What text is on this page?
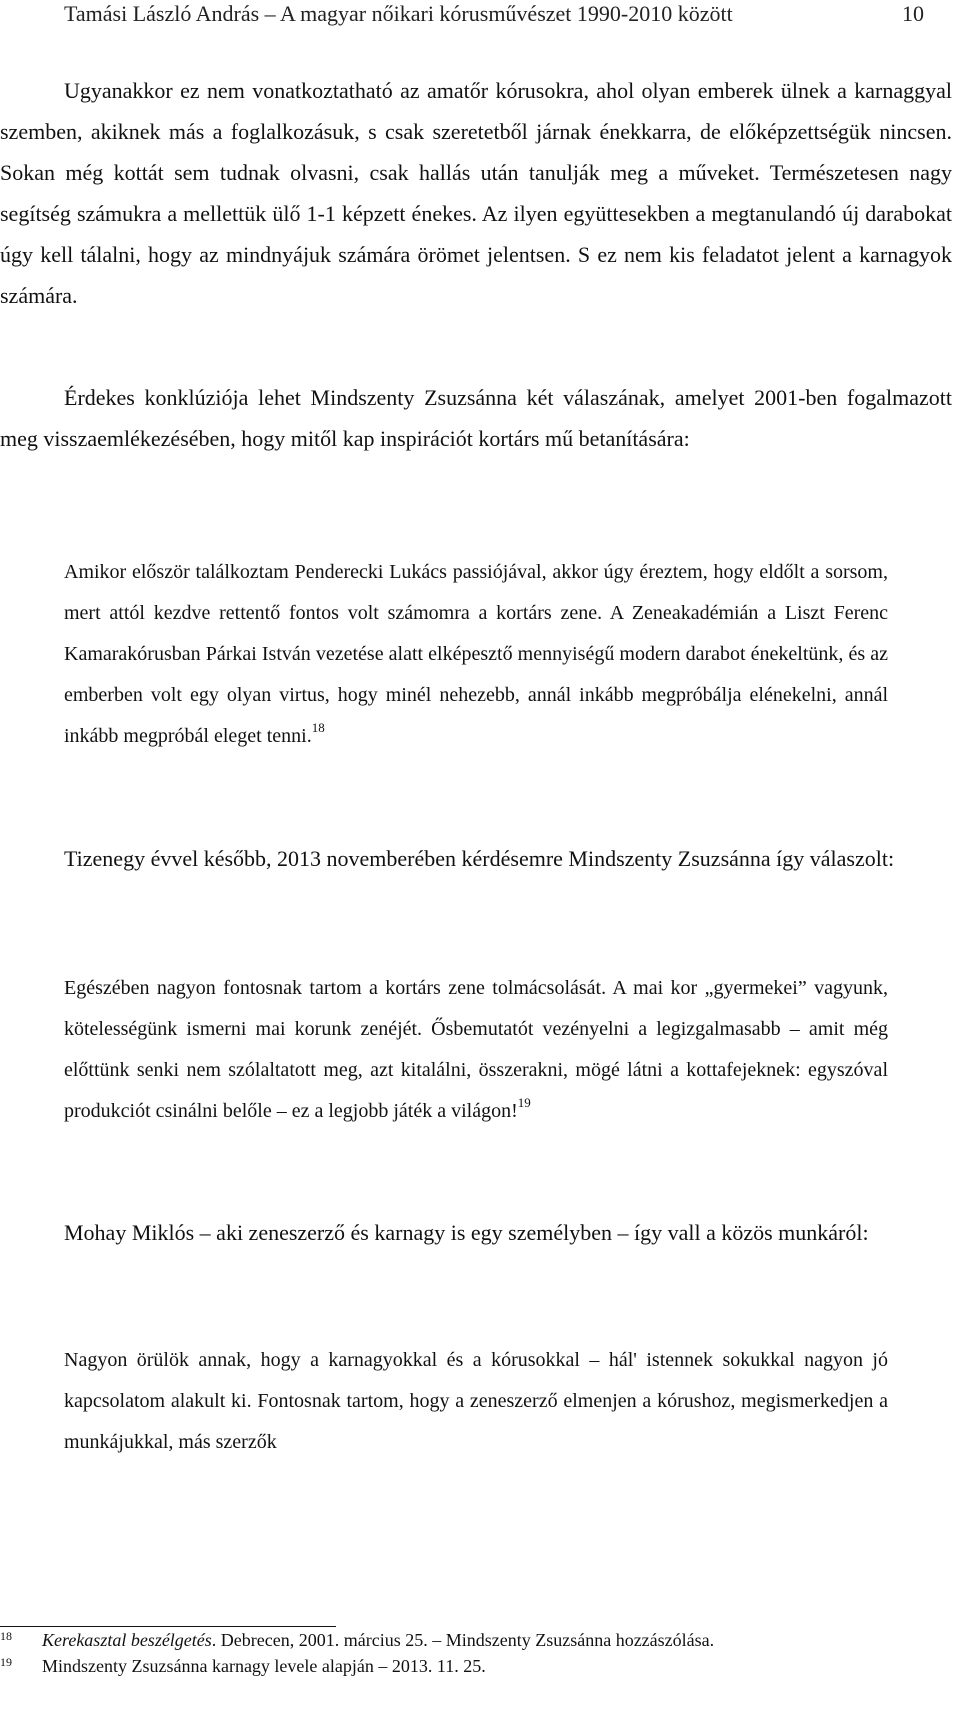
Tamási László András – A magyar nőikari kórusművészet 1990-2010 között	10

Ugyanakkor ez nem vonatkoztatható az amatőr kórusokra, ahol olyan emberek ülnek a karnaggyal szemben, akiknek más a foglalkozásuk, s csak szeretetből járnak énekkarra, de előképzettségük nincsen. Sokan még kottát sem tudnak olvasni, csak hallás után tanulják meg a műveket. Természetesen nagy segítség számukra a mellettük ülő 1-1 képzett énekes. Az ilyen együttesekben a megtanulandó új darabokat úgy kell tálalni, hogy az mindnyájuk számára örömet jelentsen. S ez nem kis feladatot jelent a karnagyok számára.

Érdekes konklúziója lehet Mindszenty Zsuzsánna két válaszának, amelyet 2001-ben fogalmazott meg visszaemlékezésében, hogy mitől kap inspirációt kortárs mű betanítására:

Amikor először találkoztam Penderecki Lukács passiójával, akkor úgy éreztem, hogy eldőlt a sorsom, mert attól kezdve rettentő fontos volt számomra a kortárs zene. A Zeneakadémián a Liszt Ferenc Kamarakórusban Párkai István vezetése alatt elképesztő mennyiségű modern darabot énekeltünk, és az emberben volt egy olyan virtus, hogy minél nehezebb, annál inkább megpróbálja elénekelni, annál inkább megpróbál eleget tenni.$^{18}$

Tizenegy évvel később, 2013 novemberében kérdésemre Mindszenty Zsuzsánna így válaszolt:

Egészében nagyon fontosnak tartom a kortárs zene tolmácsolását. A mai kor „gyermekei” vagyunk, kötelességünk ismerni mai korunk zenéjét. Ősbemutatót vezényelni a legizgalmasabb – amit még előttünk senki nem szólaltatott meg, azt kitalálni, összerakni, mögé látni a kottafejeknek: egyszóval produkciót csinálni belőle – ez a legjobb játék a világon!$^{19}$

Mohay Miklós – aki zeneszerző és karnagy is egy személyben – így vall a közös munkáról:

Nagyon örülök annak, hogy a karnagyokkal és a kórusokkal – hál' istennek sokukkal nagyon jó kapcsolatom alakult ki. Fontosnak tartom, hogy a zeneszerző elmenjen a kórushoz, megismerkedjen a munkájukkal, más szerzők

18	Kerekasztal beszélgetés. Debrecen, 2001. március 25. – Mindszenty Zsuzsánna hozzászólása.
19	Mindszenty Zsuzsánna karnagy levele alapján – 2013. 11. 25.
